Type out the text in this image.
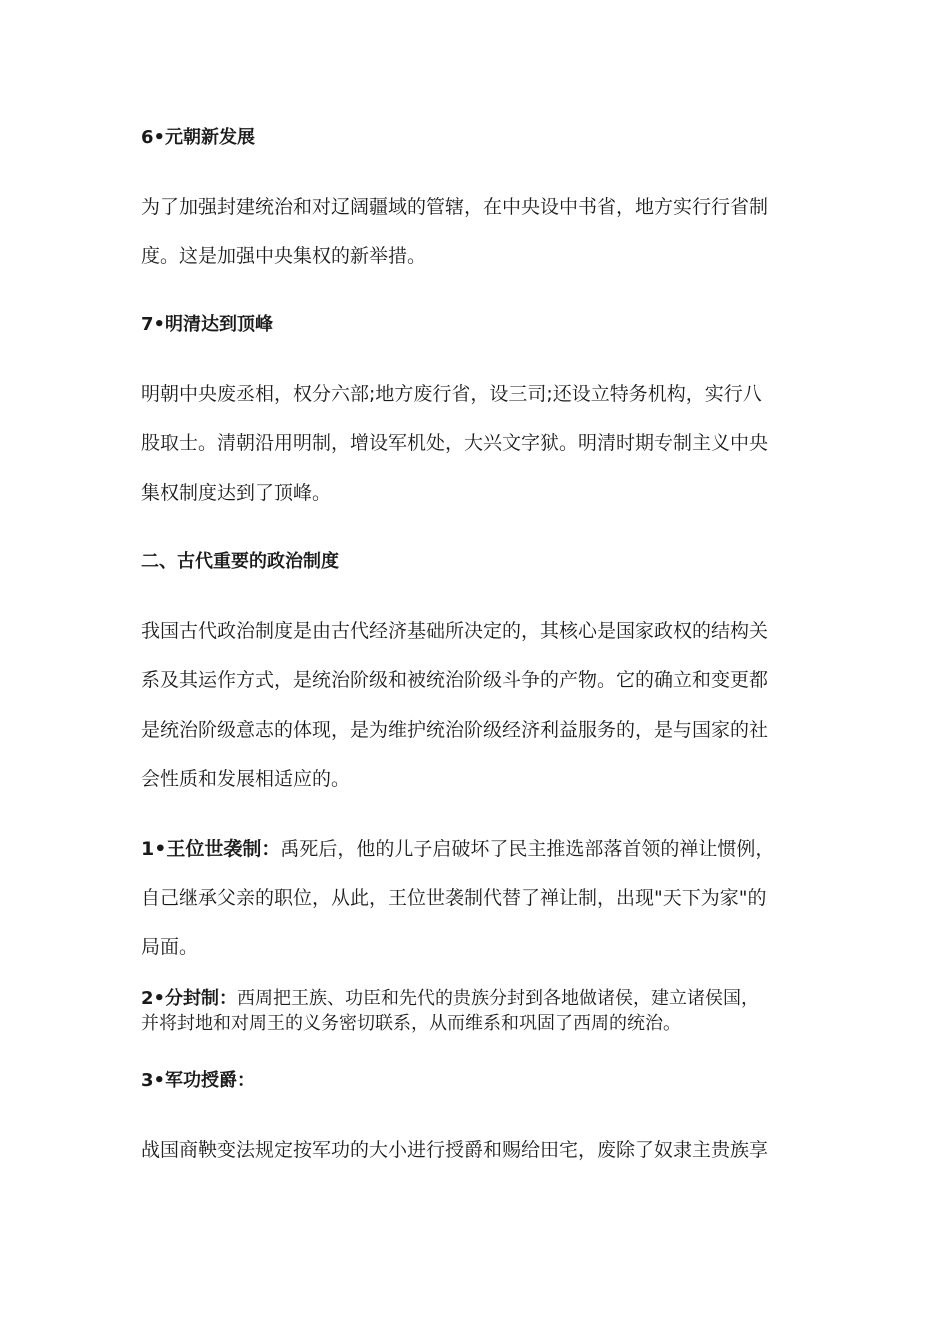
6•元朝新发展
为了加强封建统治和对辽阔疆域的管辖，在中央设中书省，地方实行行省制
度。这是加强中央集权的新举措。
7•明清达到顶峰
明朝中央废丞相，权分六部;地方废行省，设三司;还设立特务机构，实行八
股取士。清朝沿用明制，增设军机处，大兴文字狱。明清时期专制主义中央
集权制度达到了顶峰。
二、古代重要的政治制度
我国古代政治制度是由古代经济基础所决定的，其核心是国家政权的结构关
系及其运作方式，是统治阶级和被统治阶级斗争的产物。它的确立和变更都
是统治阶级意志的体现，是为维护统治阶级经济利益服务的，是与国家的社
会性质和发展相适应的。
1•王位世袭制：禹死后，他的儿子启破坏了民主推选部落首领的禅让惯例，
自己继承父亲的职位，从此，王位世袭制代替了禅让制，出现"天下为家"的
局面。
2•分封制：西周把王族、功臣和先代的贵族分封到各地做诸侯，建立诸侯国，
并将封地和对周王的义务密切联系，从而维系和巩固了西周的统治。
3•军功授爵：
战国商鞅变法规定按军功的大小进行授爵和赐给田宅，废除了奴隶主贵族享
